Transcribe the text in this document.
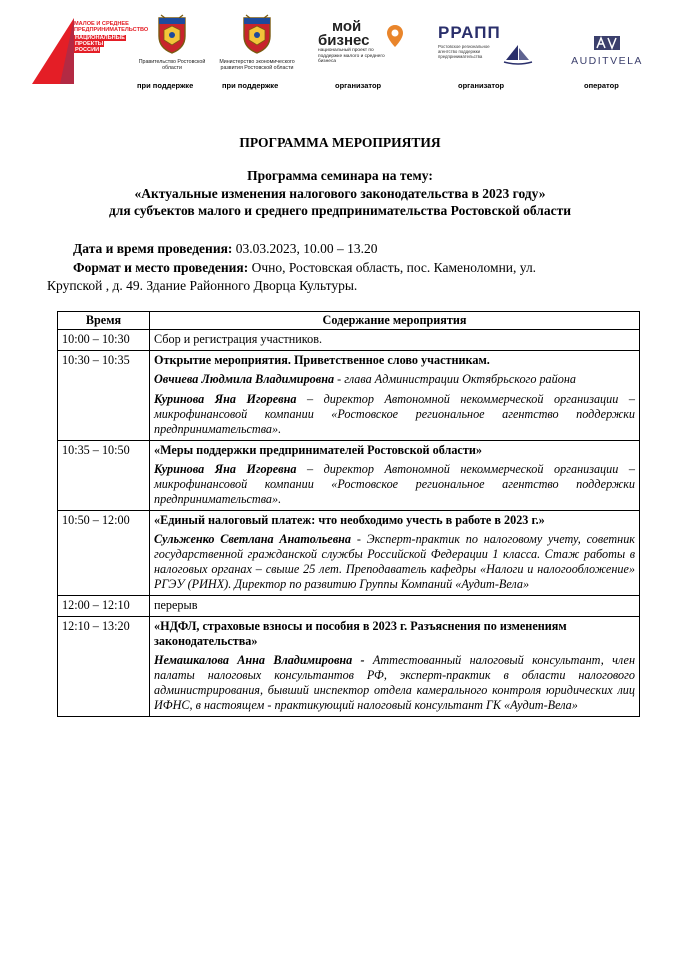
МАЛОЕ И СРЕДНЕЕ
ПРЕДПРИНИМАТЕЛЬСТВО
НАЦИОНАЛЬНЫЕ
ПРОЕКТЫ
РОССИИ
Правительство Ростовской области
Министерство экономического развития Ростовской области
мой
бизнес
национальный проект по поддержке малого и среднего бизнеса
РРАПП
Ростовское региональное агентство поддержки предпринимательства	AUDITVELA
при поддержке	при поддержке	организатор	организатор	оператор
ПРОГРАММА МЕРОПРИЯТИЯ
Программа семинара на тему:
«Актуальные изменения налогового законодательства в 2023 году»
для субъектов малого и среднего предпринимательства Ростовской области

Дата и время проведения: 03.03.2023, 10.00 – 13.20

Формат и место проведения: Очно, Ростовская область, пос. Каменоломни, ул.

Крупской , д. 49. Здание Районного Дворца Культуры.

Время	Содержание мероприятия
10:00 – 10:30	Сбор и регистрация участников.

10:30 – 10:35	Открытие мероприятия. Приветственное слово участникам.

Овчиева Людмила Владимировна - глава Администрации Октябрьского района

Куринова Яна Игоревна – директор Автономной некоммерческой организации – микрофинансовой компании «Ростовское региональное агентство поддержки предпринимательства».

10:35 – 10:50	«Меры поддержки предпринимателей Ростовской области»

Куринова Яна Игоревна – директор Автономной некоммерческой организации – микрофинансовой компании «Ростовское региональное агентство поддержки предпринимательства».

10:50 – 12:00	«Единый налоговый платеж: что необходимо учесть в работе в 2023 г.»

Сульженко Светлана Анатольевна - Эксперт-практик по налоговому учету, советник государственной гражданской службы Российской Федерации 1 класса. Стаж работы в налоговых органах – свыше 25 лет. Преподаватель кафедры «Налоги и налогообложение» РГЭУ (РИНХ). Директор по развитию Группы Компаний «Аудит-Вела»

12:00 – 12:10	перерыв

12:10 – 13:20	«НДФЛ, страховые взносы и пособия в 2023 г. Разъяснения по изменениям законодательства»

Немашкалова Анна Владимировна - Аттестованный налоговый консультант, член палаты налоговых консультантов РФ, эксперт-практик в области налогового администрирования, бывший инспектор отдела камерального контроля юридических лиц ИФНС, в настоящем - практикующий налоговый консультант ГК «Аудит-Вела»
